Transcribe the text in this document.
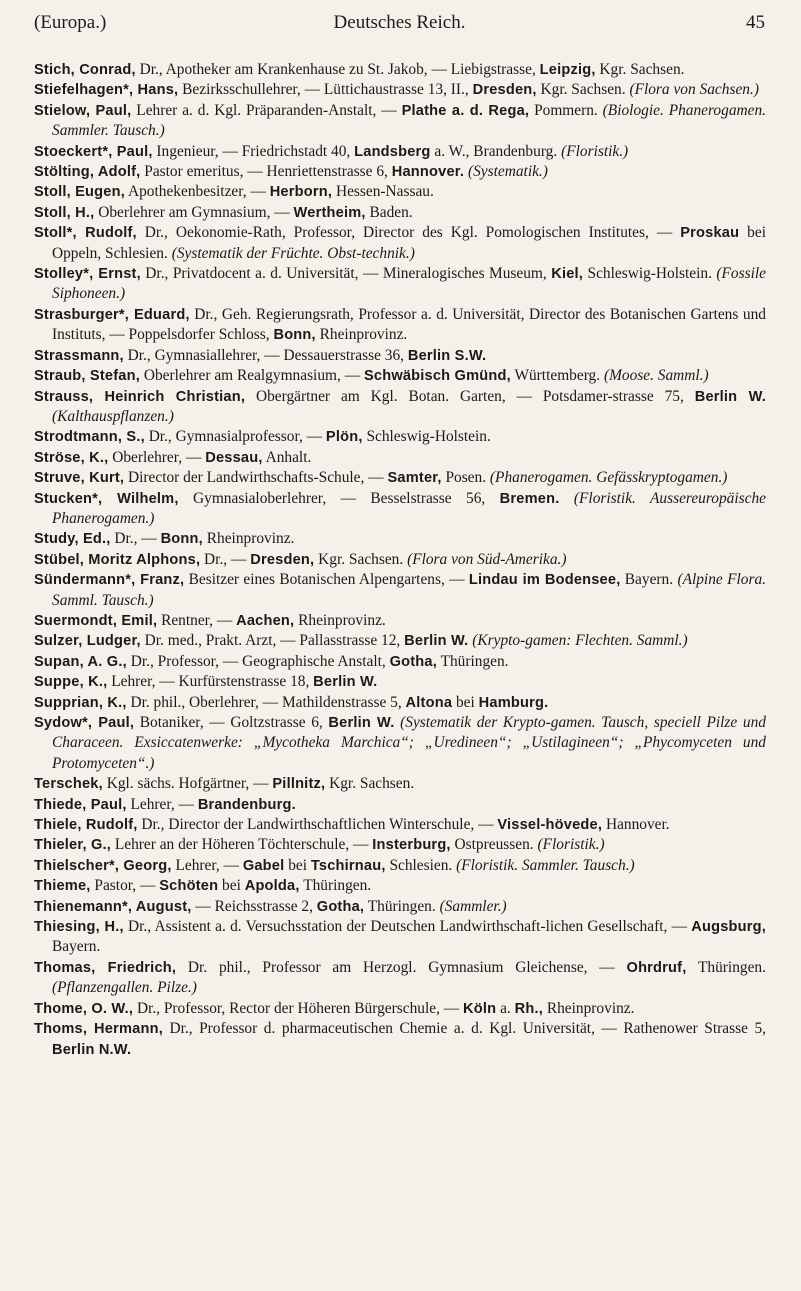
(Europa.)	Deutsches Reich.	45

Stich, Conrad, Dr., Apotheker am Krankenhause zu St. Jakob, — Liebigstrasse, Leipzig, Kgr. Sachsen.

Stiefelhagen*, Hans, Bezirksschullehrer, — Lüttichaustrasse 13, II., Dresden, Kgr. Sachsen. (Flora von Sachsen.)

Stielow, Paul, Lehrer a. d. Kgl. Präparanden-Anstalt, — Plathe a. d. Rega, Pommern. (Biologie. Phanerogamen. Sammler. Tausch.)

Stoeckert*, Paul, Ingenieur, — Friedrichstadt 40, Landsberg a. W., Brandenburg. (Floristik.)

Stölting, Adolf, Pastor emeritus, — Henriettenstrasse 6, Hannover. (Systematik.)

Stoll, Eugen, Apothekenbesitzer, — Herborn, Hessen-Nassau.

Stoll, H., Oberlehrer am Gymnasium, — Wertheim, Baden.

Stoll*, Rudolf, Dr., Oekonomie-Rath, Professor, Director des Kgl. Pomologischen Institutes, — Proskau bei Oppeln, Schlesien. (Systematik der Früchte. Obst-technik.)

Stolley*, Ernst, Dr., Privatdocent a. d. Universität, — Mineralogisches Museum, Kiel, Schleswig-Holstein. (Fossile Siphoneen.)

Strasburger*, Eduard, Dr., Geh. Regierungsrath, Professor a. d. Universität, Director des Botanischen Gartens und Instituts, — Poppelsdorfer Schloss, Bonn, Rheinprovinz.

Strassmann, Dr., Gymnasiallehrer, — Dessauerstrasse 36, Berlin S.W.

Straub, Stefan, Oberlehrer am Realgymnasium, — Schwäbisch Gmünd, Württemberg. (Moose. Samml.)

Strauss, Heinrich Christian, Obergärtner am Kgl. Botan. Garten, — Potsdamer-strasse 75, Berlin W. (Kalthauspflanzen.)

Strodtmann, S., Dr., Gymnasialprofessor, — Plön, Schleswig-Holstein.

Ströse, K., Oberlehrer, — Dessau, Anhalt.

Struve, Kurt, Director der Landwirthschafts-Schule, — Samter, Posen. (Phanerogamen. Gefässkryptogamen.)

Stucken*, Wilhelm, Gymnasialoberlehrer, — Besselstrasse 56, Bremen. (Floristik. Aussereuropäische Phanerogamen.)

Study, Ed., Dr., — Bonn, Rheinprovinz.

Stübel, Moritz Alphons, Dr., — Dresden, Kgr. Sachsen. (Flora von Süd-Amerika.)

Sündermann*, Franz, Besitzer eines Botanischen Alpengartens, — Lindau im Bodensee, Bayern. (Alpine Flora. Samml. Tausch.)

Suermondt, Emil, Rentner, — Aachen, Rheinprovinz.

Sulzer, Ludger, Dr. med., Prakt. Arzt, — Pallasstrasse 12, Berlin W. (Krypto-gamen: Flechten. Samml.)

Supan, A. G., Dr., Professor, — Geographische Anstalt, Gotha, Thüringen.

Suppe, K., Lehrer, — Kurfürstenstrasse 18, Berlin W.

Supprian, K., Dr. phil., Oberlehrer, — Mathildenstrasse 5, Altona bei Hamburg.

Sydow*, Paul, Botaniker, — Goltzstrasse 6, Berlin W. (Systematik der Krypto-gamen. Tausch, speciell Pilze und Characeen. Exsiccatenwerke: „Mycotheka Marchica“; „Uredineen“; „Ustilagineen“; „Phycomyceten und Protomyceten“.)

Terschek, Kgl. sächs. Hofgärtner, — Pillnitz, Kgr. Sachsen.

Thiede, Paul, Lehrer, — Brandenburg.

Thiele, Rudolf, Dr., Director der Landwirthschaftlichen Winterschule, — Vissel-hövede, Hannover.

Thieler, G., Lehrer an der Höheren Töchterschule, — Insterburg, Ostpreussen. (Floristik.)

Thielscher*, Georg, Lehrer, — Gabel bei Tschirnau, Schlesien. (Floristik. Sammler. Tausch.)

Thieme, Pastor, — Schöten bei Apolda, Thüringen.

Thienemann*, August, — Reichsstrasse 2, Gotha, Thüringen. (Sammler.)

Thiesing, H., Dr., Assistent a. d. Versuchsstation der Deutschen Landwirthschaft-lichen Gesellschaft, — Augsburg, Bayern.

Thomas, Friedrich, Dr. phil., Professor am Herzogl. Gymnasium Gleichense, — Ohrdruf, Thüringen. (Pflanzengallen. Pilze.)

Thome, O. W., Dr., Professor, Rector der Höheren Bürgerschule, — Köln a. Rh., Rheinprovinz.

Thoms, Hermann, Dr., Professor d. pharmaceutischen Chemie a. d. Kgl. Universität, — Rathenower Strasse 5, Berlin N.W.
